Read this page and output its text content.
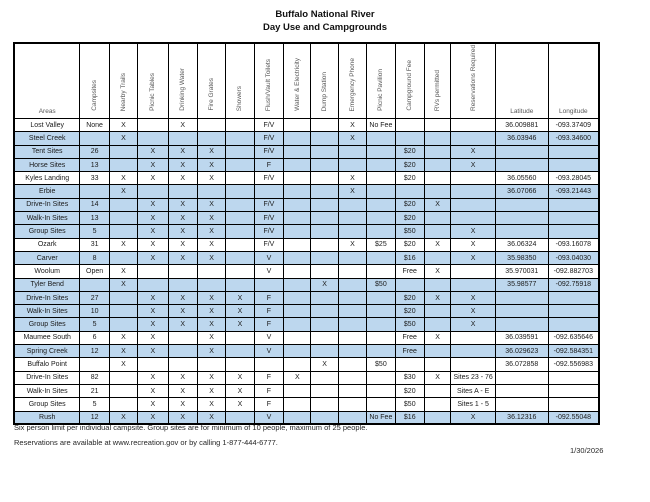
Buffalo National River
Day Use and Campgrounds
Areas	Campsites	Nearby Trails	Picnic Tables	Drinking Water	Fire Grates	Showers	Flush/Vault Toilets	Water & Electricity	Dump Station	Emergency Phone	Picnic Pavilion	Campground Fee	RVs permitted	Reservations Required	Latitude	Longitude
Lost Valley	None	X		X			F/V			X	No Fee				36.009881	-093.37409
Steel Creek		X					F/V			X					36.03946	-093.34600
Tent Sites	26		X	X	X		F/V					$20		X		
Horse Sites	13		X	X	X		F					$20		X		
Kyles Landing	33	X	X	X	X		F/V			X		$20			36.05560	-093.28045
Erbie		X								X					36.07066	-093.21443
Drive-In Sites	14		X	X	X		F/V					$20	X			
Walk-In Sites	13		X	X	X		F/V					$20				
Group Sites	5		X	X	X		F/V					$50		X		
Ozark	31	X	X	X	X		F/V			X	$25	$20	X	X	36.06324	-093.16078
Carver	8		X	X	X		V					$16		X	35.98350	-093.04030
Woolum	Open	X					V					Free	X		35.970031	-092.882703
Tyler Bend		X							X		$50				35.98577	-092.75918
Drive-In Sites	27		X	X	X	X	F					$20	X	X		
Walk-In Sites	10		X	X	X	X	F					$20		X		
Group Sites	5		X	X	X	X	F					$50		X		
Maumee South	6	X	X		X		V					Free	X		36.039591	-092.635646
Spring Creek	12	X	X		X		V					Free			36.029623	-092.584351
Buffalo Point		X							X		$50				36.072858	-092.556983
Drive-In Sites	82		X	X	X	X	F	X				$30	X	Sites 23 - 76		
Walk-In Sites	21		X	X	X	X	F					$20		Sites A - E		
Group Sites	5		X	X	X	X	F					$50		Sites 1 - 5		
Rush	12	X	X	X	X		V				No Fee	$16		X	36.12316	-092.55048
Six person limit per individual campsite. Group sites are for minimum of 10 people, maximum of 25 people.
Reservations are available at www.recreation.gov or by calling 1-877-444-6777.
1/30/2026
